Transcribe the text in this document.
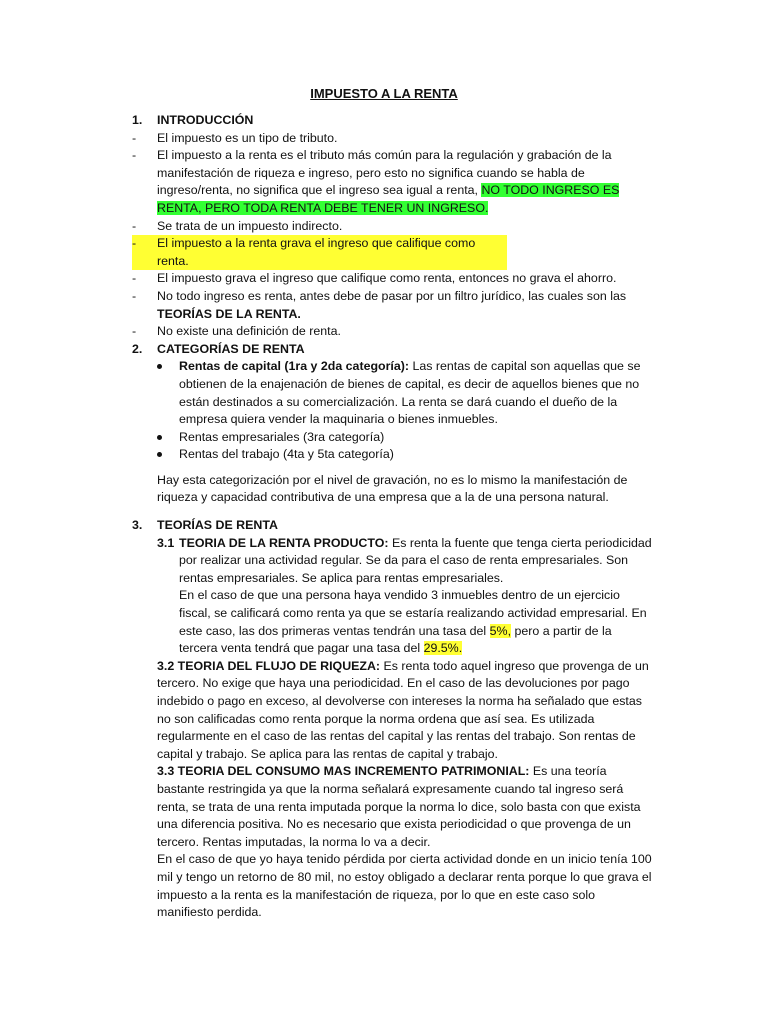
IMPUESTO A LA RENTA
1. INTRODUCCIÓN
- El impuesto es un tipo de tributo.
- El impuesto a la renta es el tributo más común para la regulación y grabación de la manifestación de riqueza e ingreso, pero esto no significa cuando se habla de ingreso/renta, no significa que el ingreso sea igual a renta, NO TODO INGRESO ES RENTA, PERO TODA RENTA DEBE TENER UN INGRESO.
- Se trata de un impuesto indirecto.
- El impuesto a la renta grava el ingreso que califique como renta.
- El impuesto grava el ingreso que califique como renta, entonces no grava el ahorro.
- No todo ingreso es renta, antes debe de pasar por un filtro jurídico, las cuales son las
TEORÍAS DE LA RENTA.
- No existe una definición de renta.
2. CATEGORÍAS DE RENTA
Rentas de capital (1ra y 2da categoría): Las rentas de capital son aquellas que se obtienen de la enajenación de bienes de capital, es decir de aquellos bienes que no están destinados a su comercialización. La renta se dará cuando el dueño de la empresa quiera vender la maquinaria o bienes inmuebles.
Rentas empresariales (3ra categoría)
Rentas del trabajo (4ta y 5ta categoría)
Hay esta categorización por el nivel de gravación, no es lo mismo la manifestación de riqueza y capacidad contributiva de una empresa que a la de una persona natural.
3. TEORÍAS DE RENTA
3.1 TEORIA DE LA RENTA PRODUCTO: Es renta la fuente que tenga cierta periodicidad por realizar una actividad regular. Se da para el caso de renta empresariales. Son rentas empresariales. Se aplica para rentas empresariales.
En el caso de que una persona haya vendido 3 inmuebles dentro de un ejercicio fiscal, se calificará como renta ya que se estaría realizando actividad empresarial. En este caso, las dos primeras ventas tendrán una tasa del 5%, pero a partir de la tercera venta tendrá que pagar una tasa del 29.5%.
3.2 TEORIA DEL FLUJO DE RIQUEZA: Es renta todo aquel ingreso que provenga de un tercero. No exige que haya una periodicidad. En el caso de las devoluciones por pago indebido o pago en exceso, al devolverse con intereses la norma ha señalado que estas no son calificadas como renta porque la norma ordena que así sea. Es utilizada regularmente en el caso de las rentas del capital y las rentas del trabajo. Son rentas de capital y trabajo. Se aplica para las rentas de capital y trabajo.
3.3 TEORIA DEL CONSUMO MAS INCREMENTO PATRIMONIAL: Es una teoría bastante restringida ya que la norma señalará expresamente cuando tal ingreso será renta, se trata de una renta imputada porque la norma lo dice, solo basta con que exista una diferencia positiva. No es necesario que exista periodicidad o que provenga de un tercero. Rentas imputadas, la norma lo va a decir.
En el caso de que yo haya tenido pérdida por cierta actividad donde en un inicio tenía 100 mil y tengo un retorno de 80 mil, no estoy obligado a declarar renta porque lo que grava el impuesto a la renta es la manifestación de riqueza, por lo que en este caso solo manifiesto perdida.
